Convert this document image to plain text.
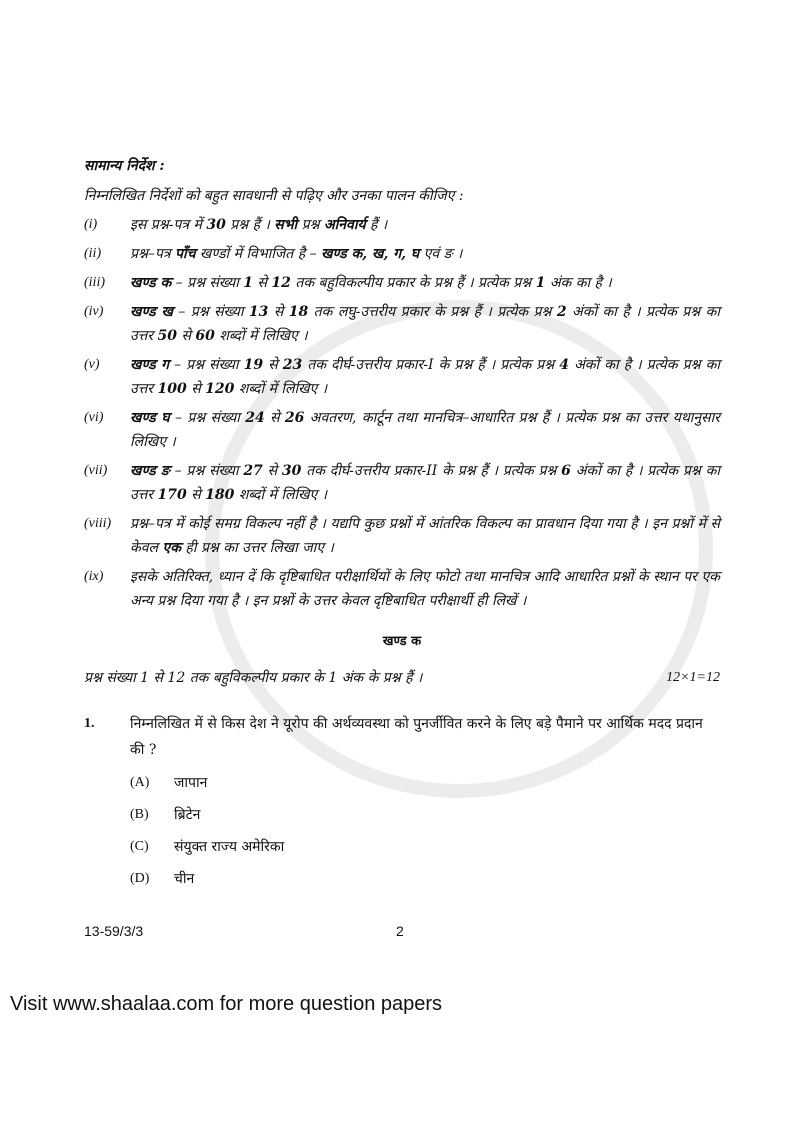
सामान्य निर्देश :
निम्नलिखित निर्देशों को बहुत सावधानी से पढ़िए और उनका पालन कीजिए :
(i)	इस प्रश्न-पत्र में 30 प्रश्न हैं । सभी प्रश्न अनिवार्य हैं ।
(ii)	प्रश्न–पत्र पाँच खण्डों में विभाजित है – खण्ड क, ख, ग, घ एवं ङ ।
(iii)	खण्ड क – प्रश्न संख्या 1 से 12 तक बहुविकल्पीय प्रकार के प्रश्न हैं । प्रत्येक प्रश्न 1 अंक का है ।
(iv)	खण्ड ख – प्रश्न संख्या 13 से 18 तक लघु-उत्तरीय प्रकार के प्रश्न हैं । प्रत्येक प्रश्न 2 अंकों का है । प्रत्येक प्रश्न का उत्तर 50 से 60 शब्दों में लिखिए ।
(v)	खण्ड ग – प्रश्न संख्या 19 से 23 तक दीर्घ-उत्तरीय प्रकार-I के प्रश्न हैं । प्रत्येक प्रश्न 4 अंकों का है । प्रत्येक प्रश्न का उत्तर 100 से 120 शब्दों में लिखिए ।
(vi)	खण्ड घ – प्रश्न संख्या 24 से 26 अवतरण, कार्टून तथा मानचित्र–आधारित प्रश्न हैं । प्रत्येक प्रश्न का उत्तर यथानुसार लिखिए ।
(vii)	खण्ड ङ – प्रश्न संख्या 27 से 30 तक दीर्घ-उत्तरीय प्रकार-II के प्रश्न हैं । प्रत्येक प्रश्न 6 अंकों का है । प्रत्येक प्रश्न का उत्तर 170 से 180 शब्दों में लिखिए ।
(viii)	प्रश्न–पत्र में कोई समग्र विकल्प नहीं है । यद्यपि कुछ प्रश्नों में आंतरिक विकल्प का प्रावधान दिया गया है । इन प्रश्नों में से केवल एक ही प्रश्न का उत्तर लिखा जाए ।
(ix)	इसके अतिरिक्त, ध्यान दें कि दृष्टिबाधित परीक्षार्थियों के लिए फोटो तथा मानचित्र आदि आधारित प्रश्नों के स्थान पर एक अन्य प्रश्न दिया गया है । इन प्रश्नों के उत्तर केवल दृष्टिबाधित परीक्षार्थी ही लिखें ।
खण्ड क
प्रश्न संख्या 1 से 12 तक बहुविकल्पीय प्रकार के 1 अंक के प्रश्न हैं ।	12×1=12
1.	निम्नलिखित में से किस देश ने यूरोप की अर्थव्यवस्था को पुनर्जीवित करने के लिए बड़े पैमाने पर आर्थिक मदद प्रदान की ?
(A)	जापान
(B)	ब्रिटेन
(C)	संयुक्त राज्य अमेरिका
(D)	चीन
13-59/3/3	2
Visit www.shaalaa.com for more question papers
